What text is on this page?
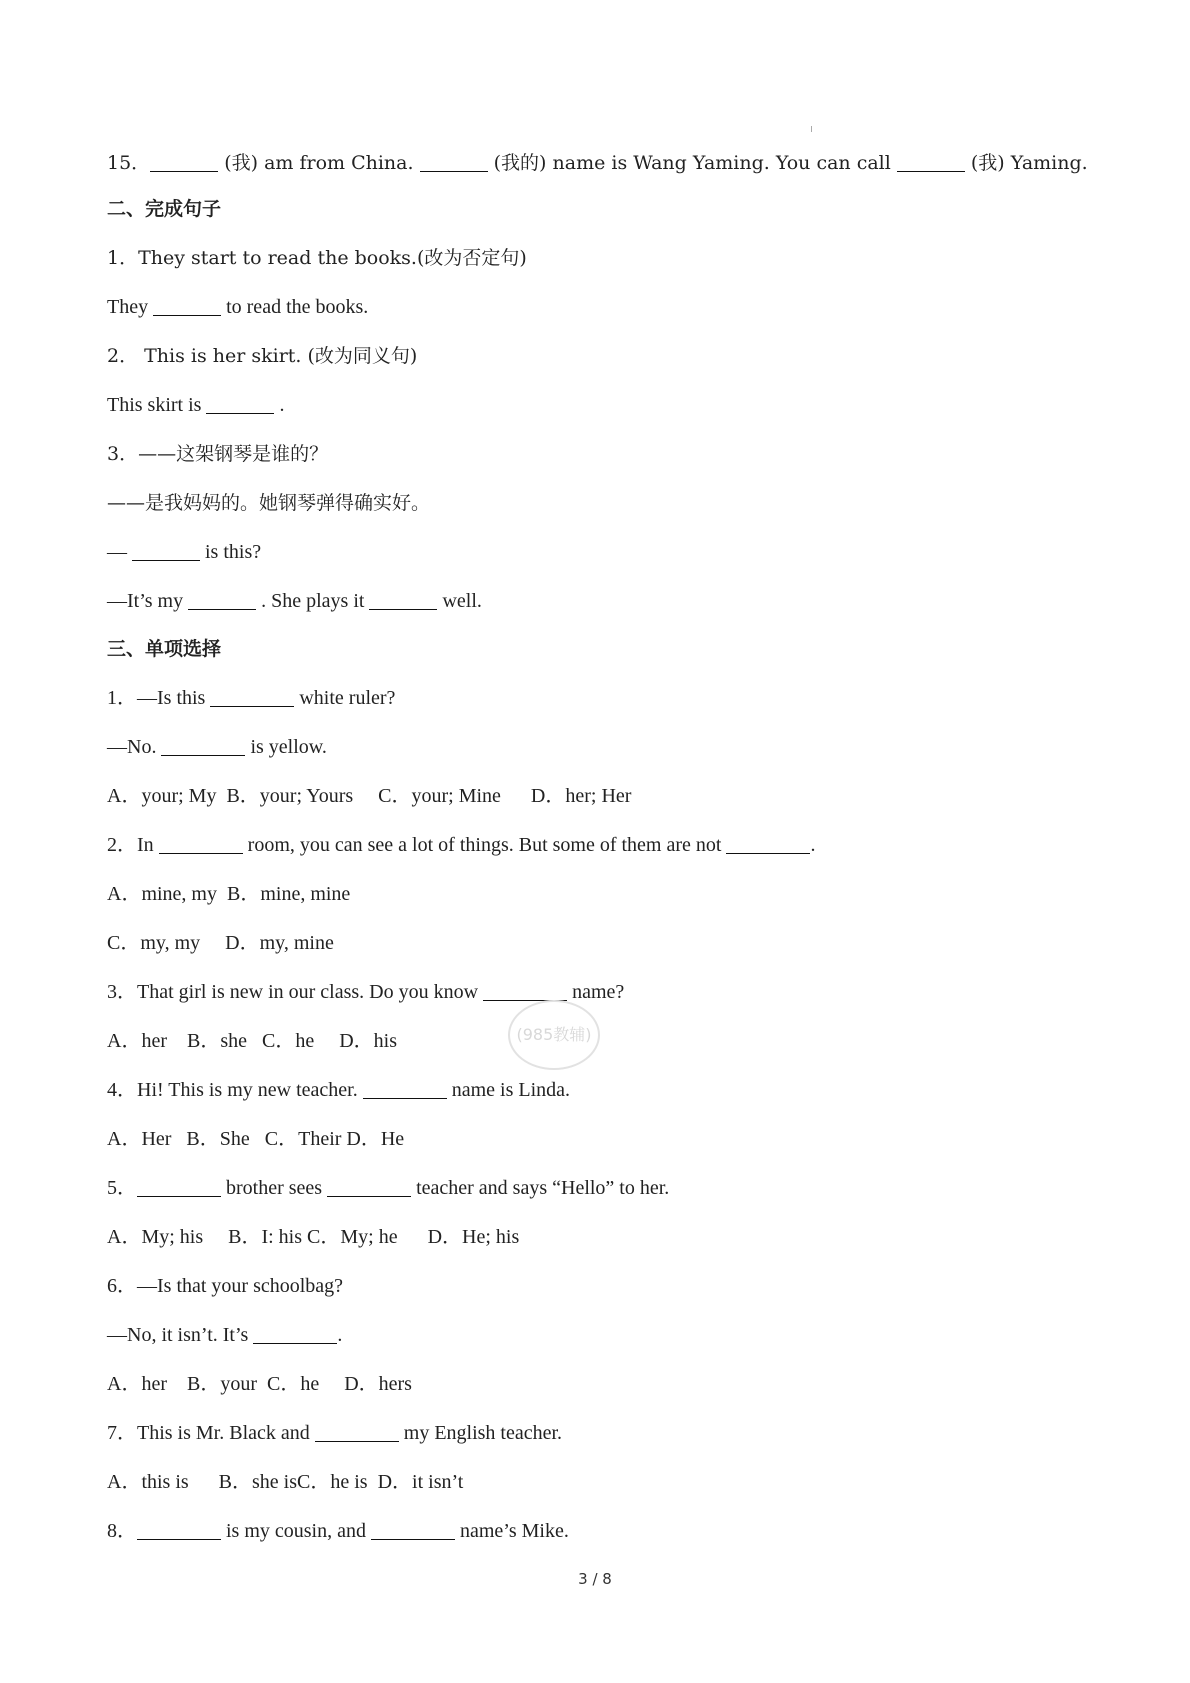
15．	(我) am from China.	(我的) name is Wang Yaming. You can call	(我) Yaming.
二、完成句子
1．They start to read the books.(改为否定句)
They	to read the books.
2． This is her skirt. (改为同义句)
This skirt is	.
3．——这架钢琴是谁的？
——是我妈妈的。她钢琴弹得确实好。
—	is this?
—It’s my	. She plays it	well.
三、单项选择
1．—Is this	white ruler?
—No.	is yellow.
A．your; My  B．your; Yours     C．your; Mine      D．her; Her
2．In	room, you can see a lot of things. But some of them are not	.
A．mine, my  B．mine, mine
C．my, my     D．my, mine
3．That girl is new in our class. Do you know	name?
A．her    B．she   C．he     D．his	(985教辅)
4．Hi! This is my new teacher.	name is Linda.
A．Her   B．She   C．Their D．He
5．	brother sees	teacher and says “Hello” to her.
A．My; his     B．I: his C．My; he      D．He; his
6．—Is that your schoolbag?
—No, it isn’t. It’s	.
A．her    B．your  C．he     D．hers
7．This is Mr. Black and	my English teacher.
A．this is      B．she isC．he is  D．it isn’t
8．	is my cousin, and	name’s Mike.
3 / 8
